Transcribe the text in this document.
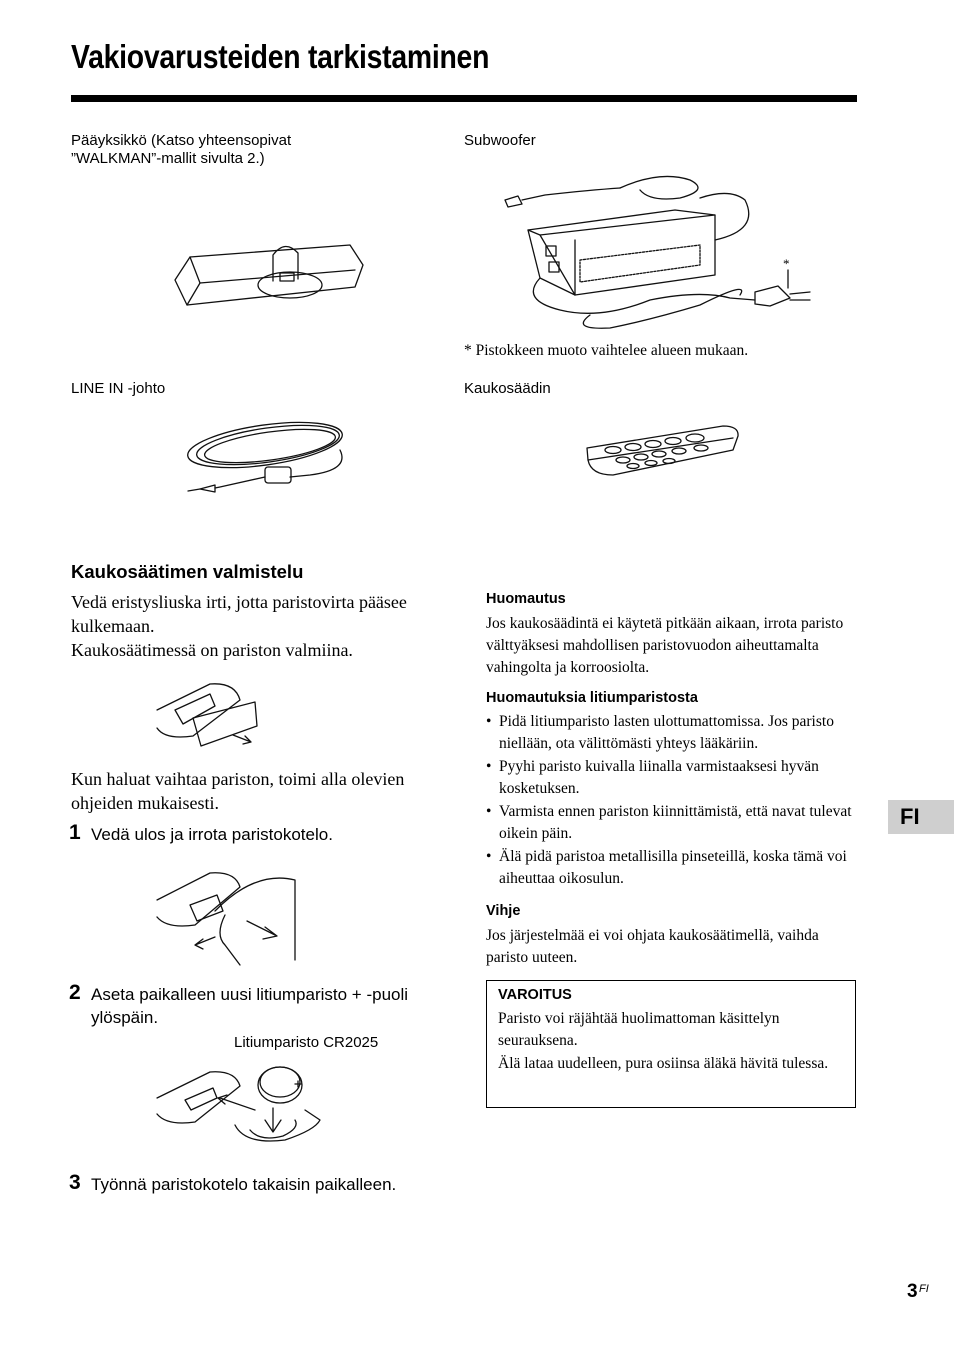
Vakiovarusteiden tarkistaminen
Pääyksikkö (Katso yhteensopivat
”WALKMAN”-mallit sivulta 2.)
Subwoofer
LINE IN -johto	Kaukosäädin
* Pistokkeen muoto vaihtelee alueen mukaan.
*
Kaukosäätimen valmistelu
Vedä eristysliuska irti, jotta paristovirta pääsee kulkemaan.
Kaukosäätimessä on pariston valmiina.
Kun haluat vaihtaa pariston, toimi alla olevien ohjeiden mukaisesti.
1 Vedä ulos ja irrota paristokotelo.
2 Aseta paikalleen uusi litiumparisto + -puoli ylöspäin.
Litiumparisto CR2025
3 Työnnä paristokotelo takaisin paikalleen.
Huomautus
Jos kaukosäädintä ei käytetä pitkään aikaan, irrota paristo välttyäksesi mahdollisen paristovuodon aiheuttamalta vahingolta ja korroosiolta.
Huomautuksia litiumparistosta
• Pidä litiumparisto lasten ulottumattomissa. Jos paristo niellään, ota välittömästi yhteys lääkäriin.
• Pyyhi paristo kuivalla liinalla varmistaaksesi hyvän kosketuksen.
• Varmista ennen pariston kiinnittämistä, että navat tulevat oikein päin.
• Älä pidä paristoa metallisilla pinseteillä, koska tämä voi aiheuttaa oikosulun.
Vihje
Jos järjestelmää ei voi ohjata kaukosäätimellä, vaihda paristo uuteen.
VAROITUS
Paristo voi räjähtää huolimattoman käsittelyn seurauksena.
Älä lataa uudelleen, pura osiinsa äläkä hävitä tulessa.
FI
3 FI
